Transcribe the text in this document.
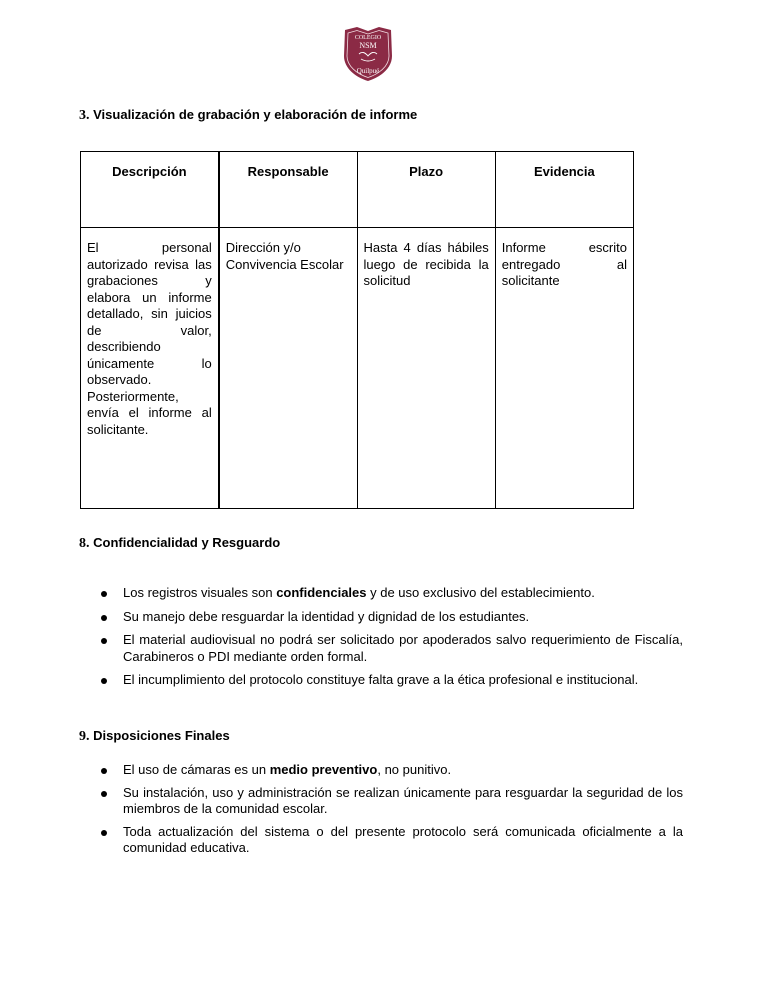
COLEGIO
NSM
Quilpué
3. Visualización de grabación y elaboración de informe
Descripción	Responsable	Plazo	Evidencia
El personal autorizado revisa las grabaciones y elabora un informe detallado, sin juicios de valor, describiendo únicamente lo observado. Posteriormente, envía el informe al solicitante.	Dirección y/o Convivencia Escolar	Hasta 4 días hábiles luego de recibida la solicitud	Informe escrito entregado al solicitante
8. Confidencialidad y Resguardo
Los registros visuales son confidenciales y de uso exclusivo del establecimiento.
Su manejo debe resguardar la identidad y dignidad de los estudiantes.
El material audiovisual no podrá ser solicitado por apoderados salvo requerimiento de Fiscalía, Carabineros o PDI mediante orden formal.
El incumplimiento del protocolo constituye falta grave a la ética profesional e institucional.
9. Disposiciones Finales
El uso de cámaras es un medio preventivo, no punitivo.
Su instalación, uso y administración se realizan únicamente para resguardar la seguridad de los miembros de la comunidad escolar.
Toda actualización del sistema o del presente protocolo será comunicada oficialmente a la comunidad educativa.
